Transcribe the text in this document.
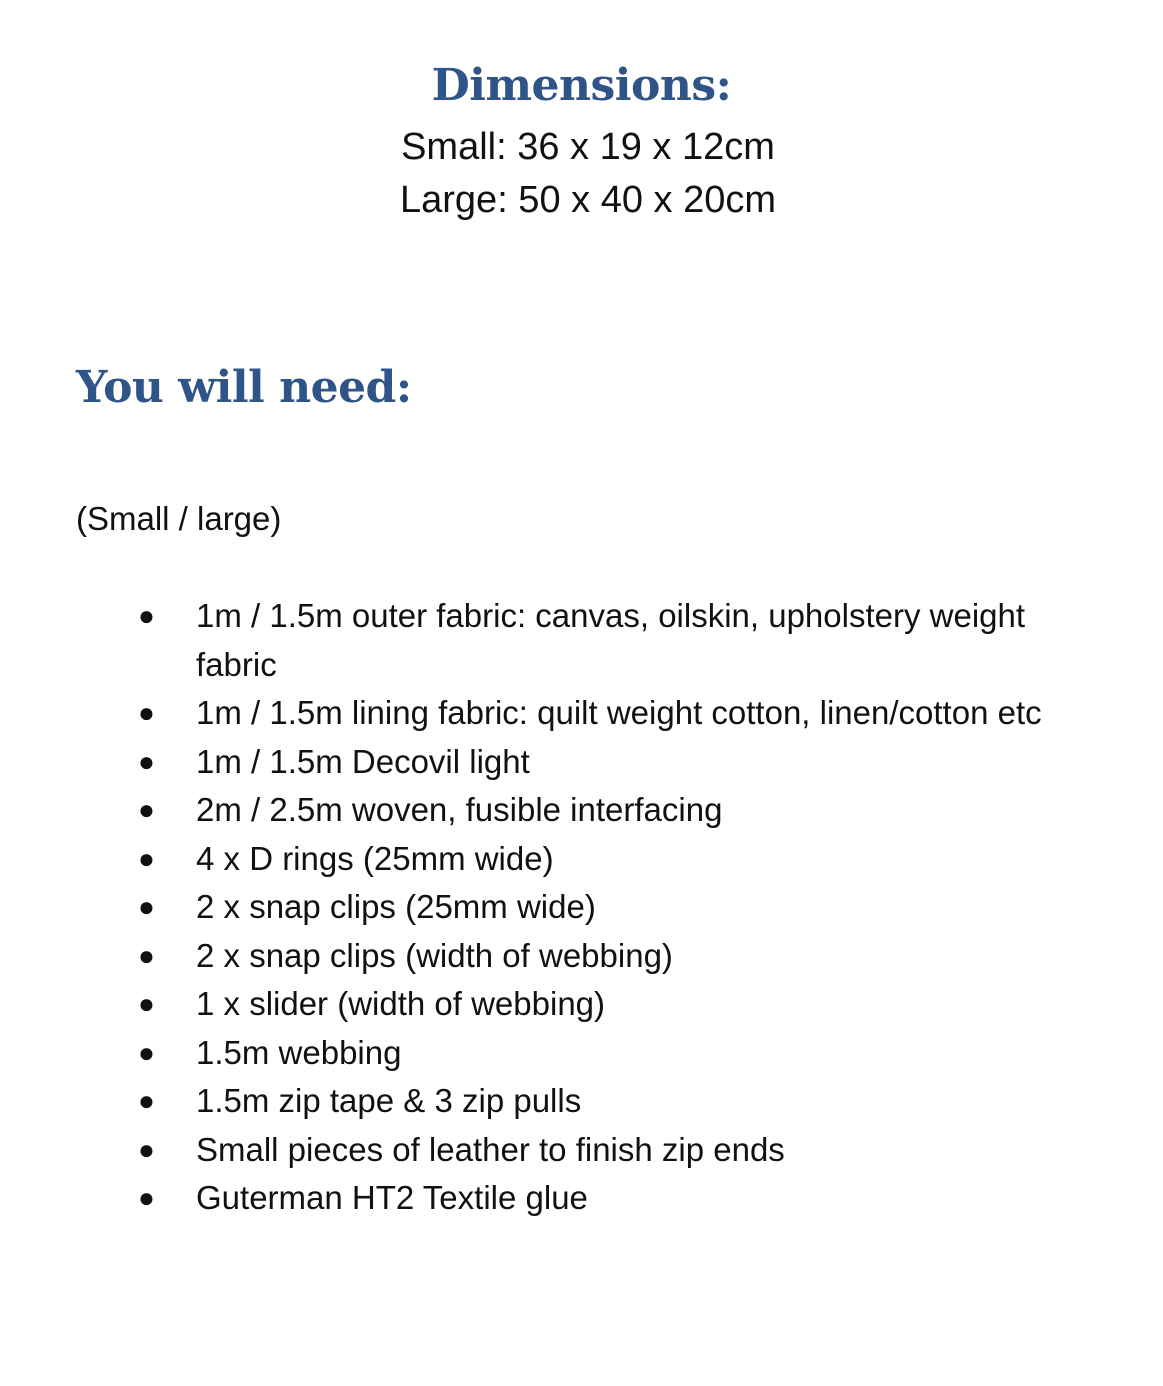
Dimensions:
Small: 36 x 19 x 12cm
Large: 50 x 40 x 20cm
You will need:
(Small / large)
● 1m / 1.5m outer fabric: canvas, oilskin, upholstery weight fabric
● 1m / 1.5m lining fabric: quilt weight cotton, linen/cotton etc
● 1m / 1.5m Decovil light
● 2m / 2.5m woven, fusible interfacing
● 4 x D rings (25mm wide)
● 2 x snap clips (25mm wide)
● 2 x snap clips (width of webbing)
● 1 x slider (width of webbing)
● 1.5m webbing
● 1.5m zip tape & 3 zip pulls
● Small pieces of leather to finish zip ends
● Guterman HT2 Textile glue
